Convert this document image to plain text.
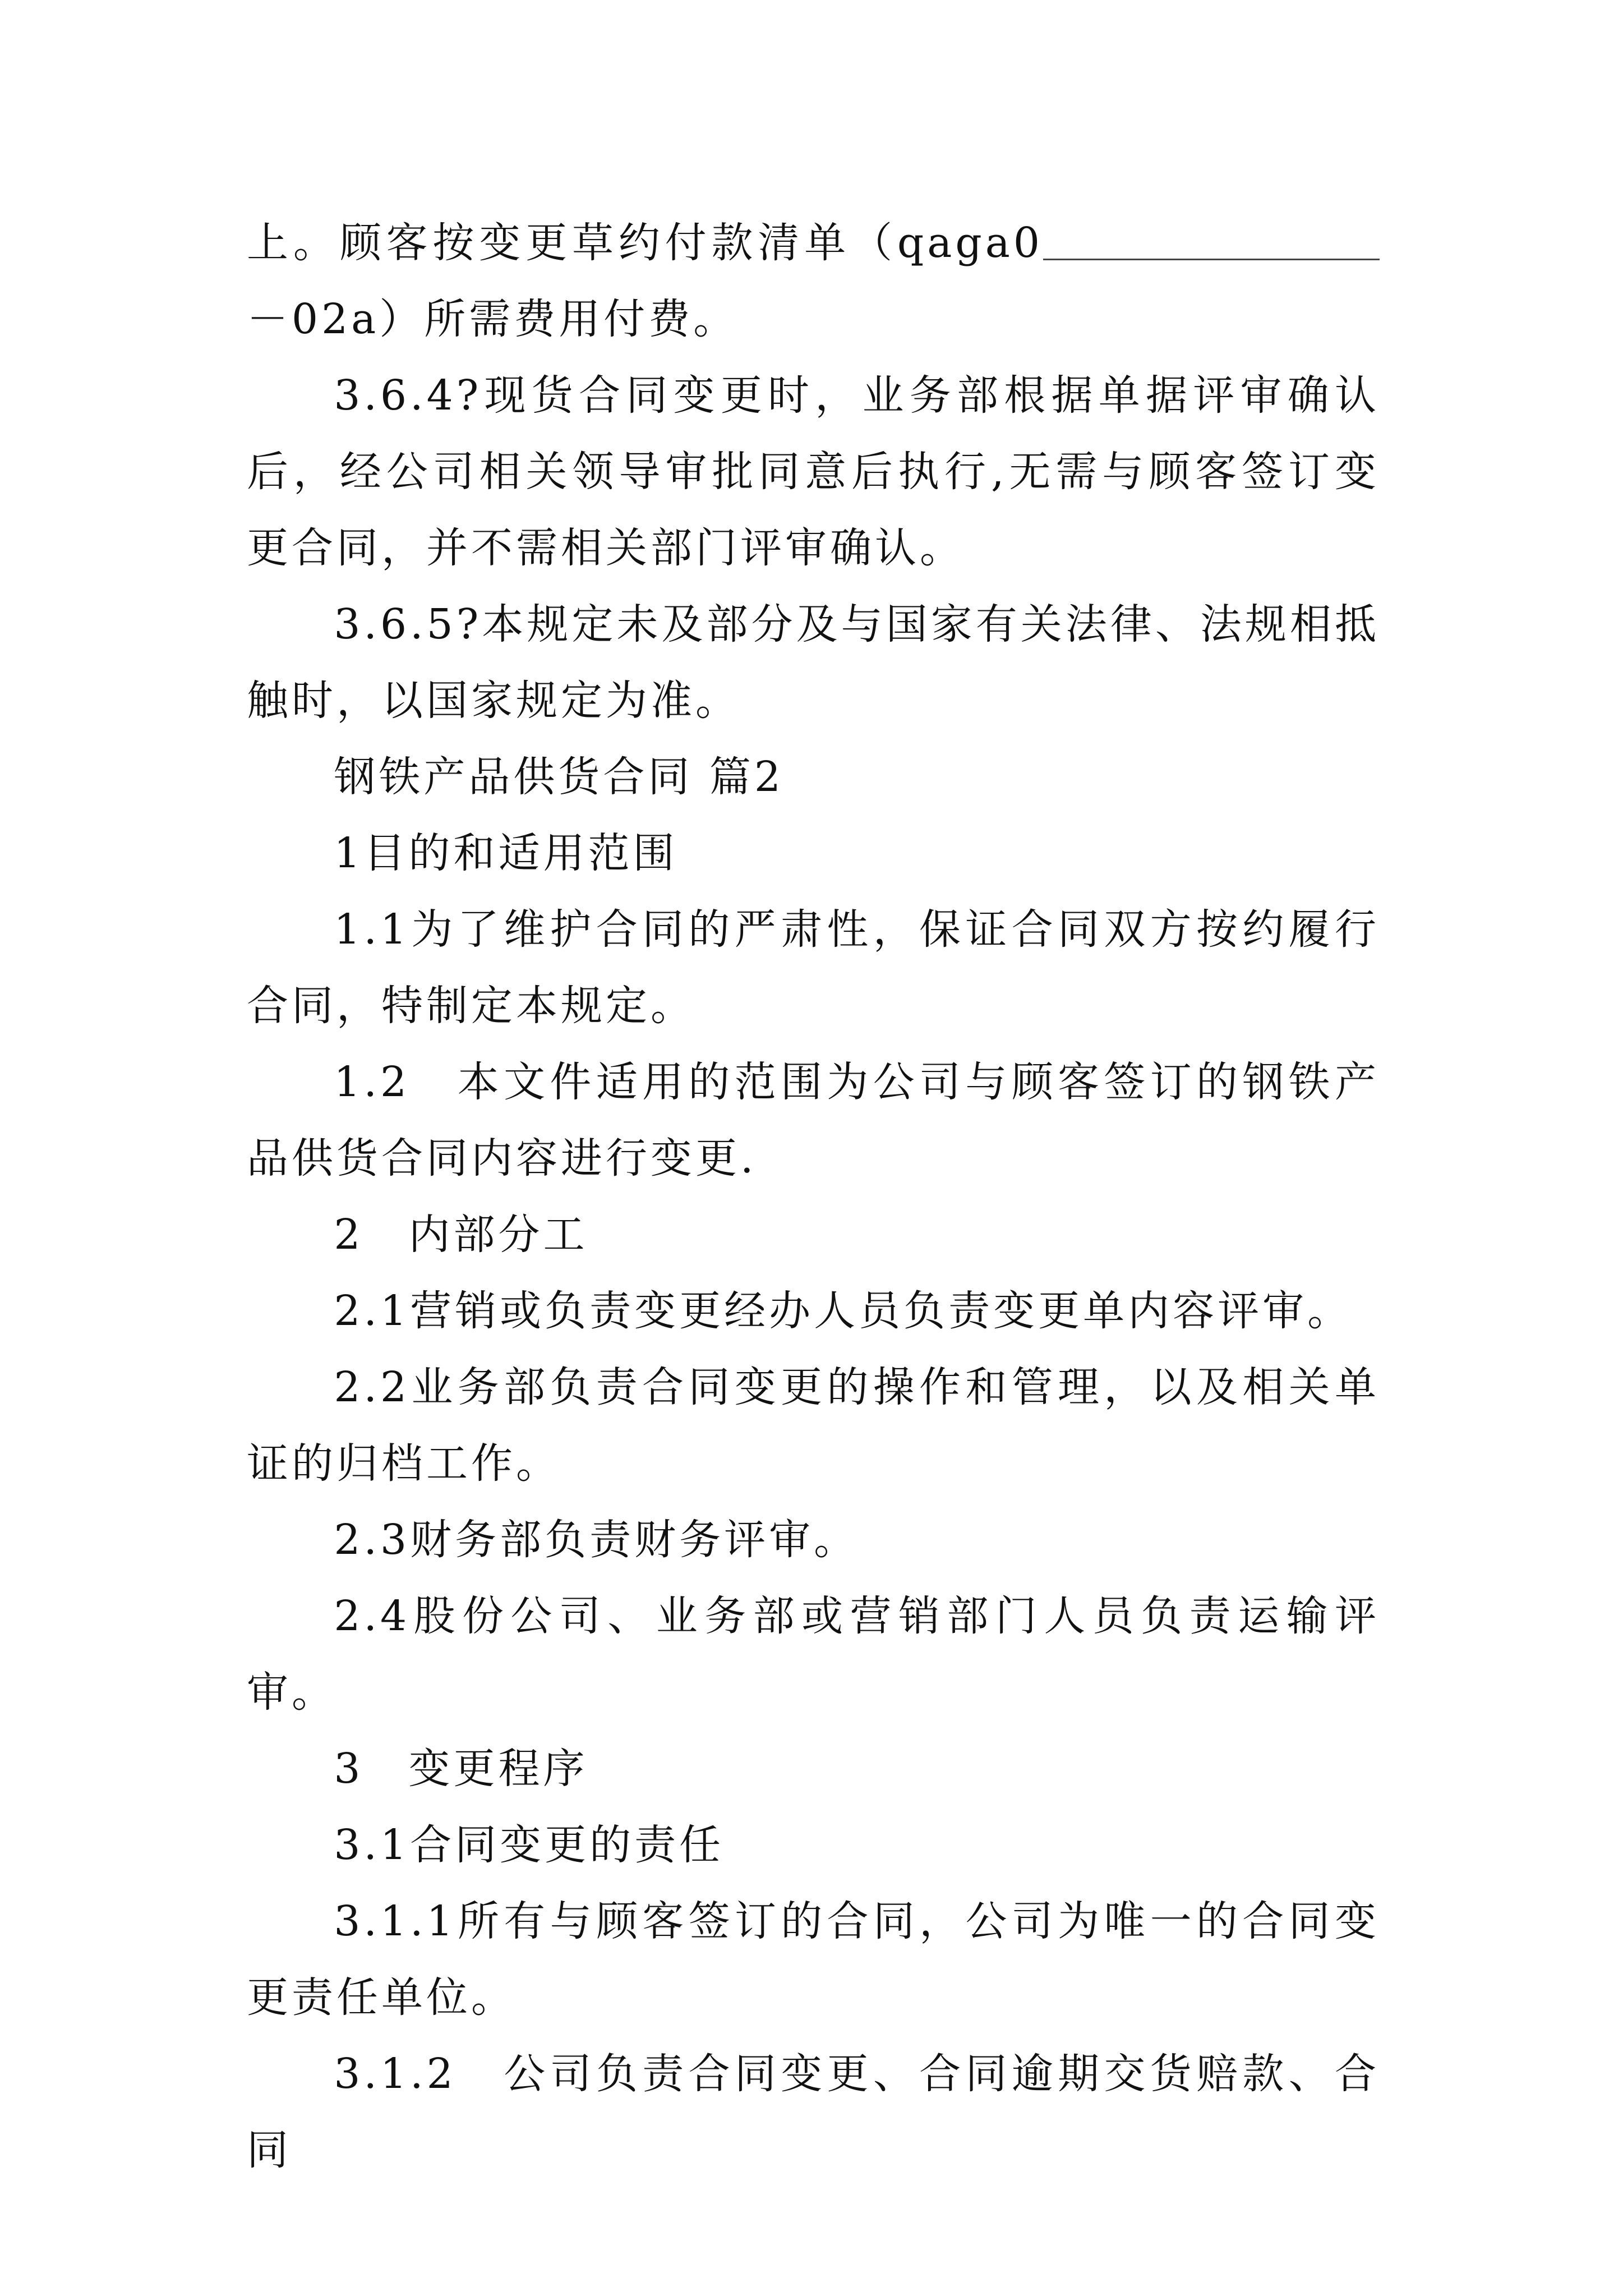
上。顾客按变更草约付款清单（qaga0－02a）所需费用付费。

3.6.4?现货合同变更时，业务部根据单据评审确认后，经公司相关领导审批同意后执行,无需与顾客签订变更合同，并不需相关部门评审确认。

3.6.5?本规定未及部分及与国家有关法律、法规相抵触时，以国家规定为准。

钢铁产品供货合同 篇2

1目的和适用范围

1.1为了维护合同的严肃性，保证合同双方按约履行合同，特制定本规定。

1.2　本文件适用的范围为公司与顾客签订的钢铁产品供货合同内容进行变更.

2　内部分工

2.1营销或负责变更经办人员负责变更单内容评审。

2.2业务部负责合同变更的操作和管理，以及相关单证的归档工作。

2.3财务部负责财务评审。

2.4股份公司、业务部或营销部门人员负责运输评审。

3　变更程序

3.1合同变更的责任

3.1.1所有与顾客签订的合同，公司为唯一的合同变更责任单位。

3.1.2　公司负责合同变更、合同逾期交货赔款、合同
